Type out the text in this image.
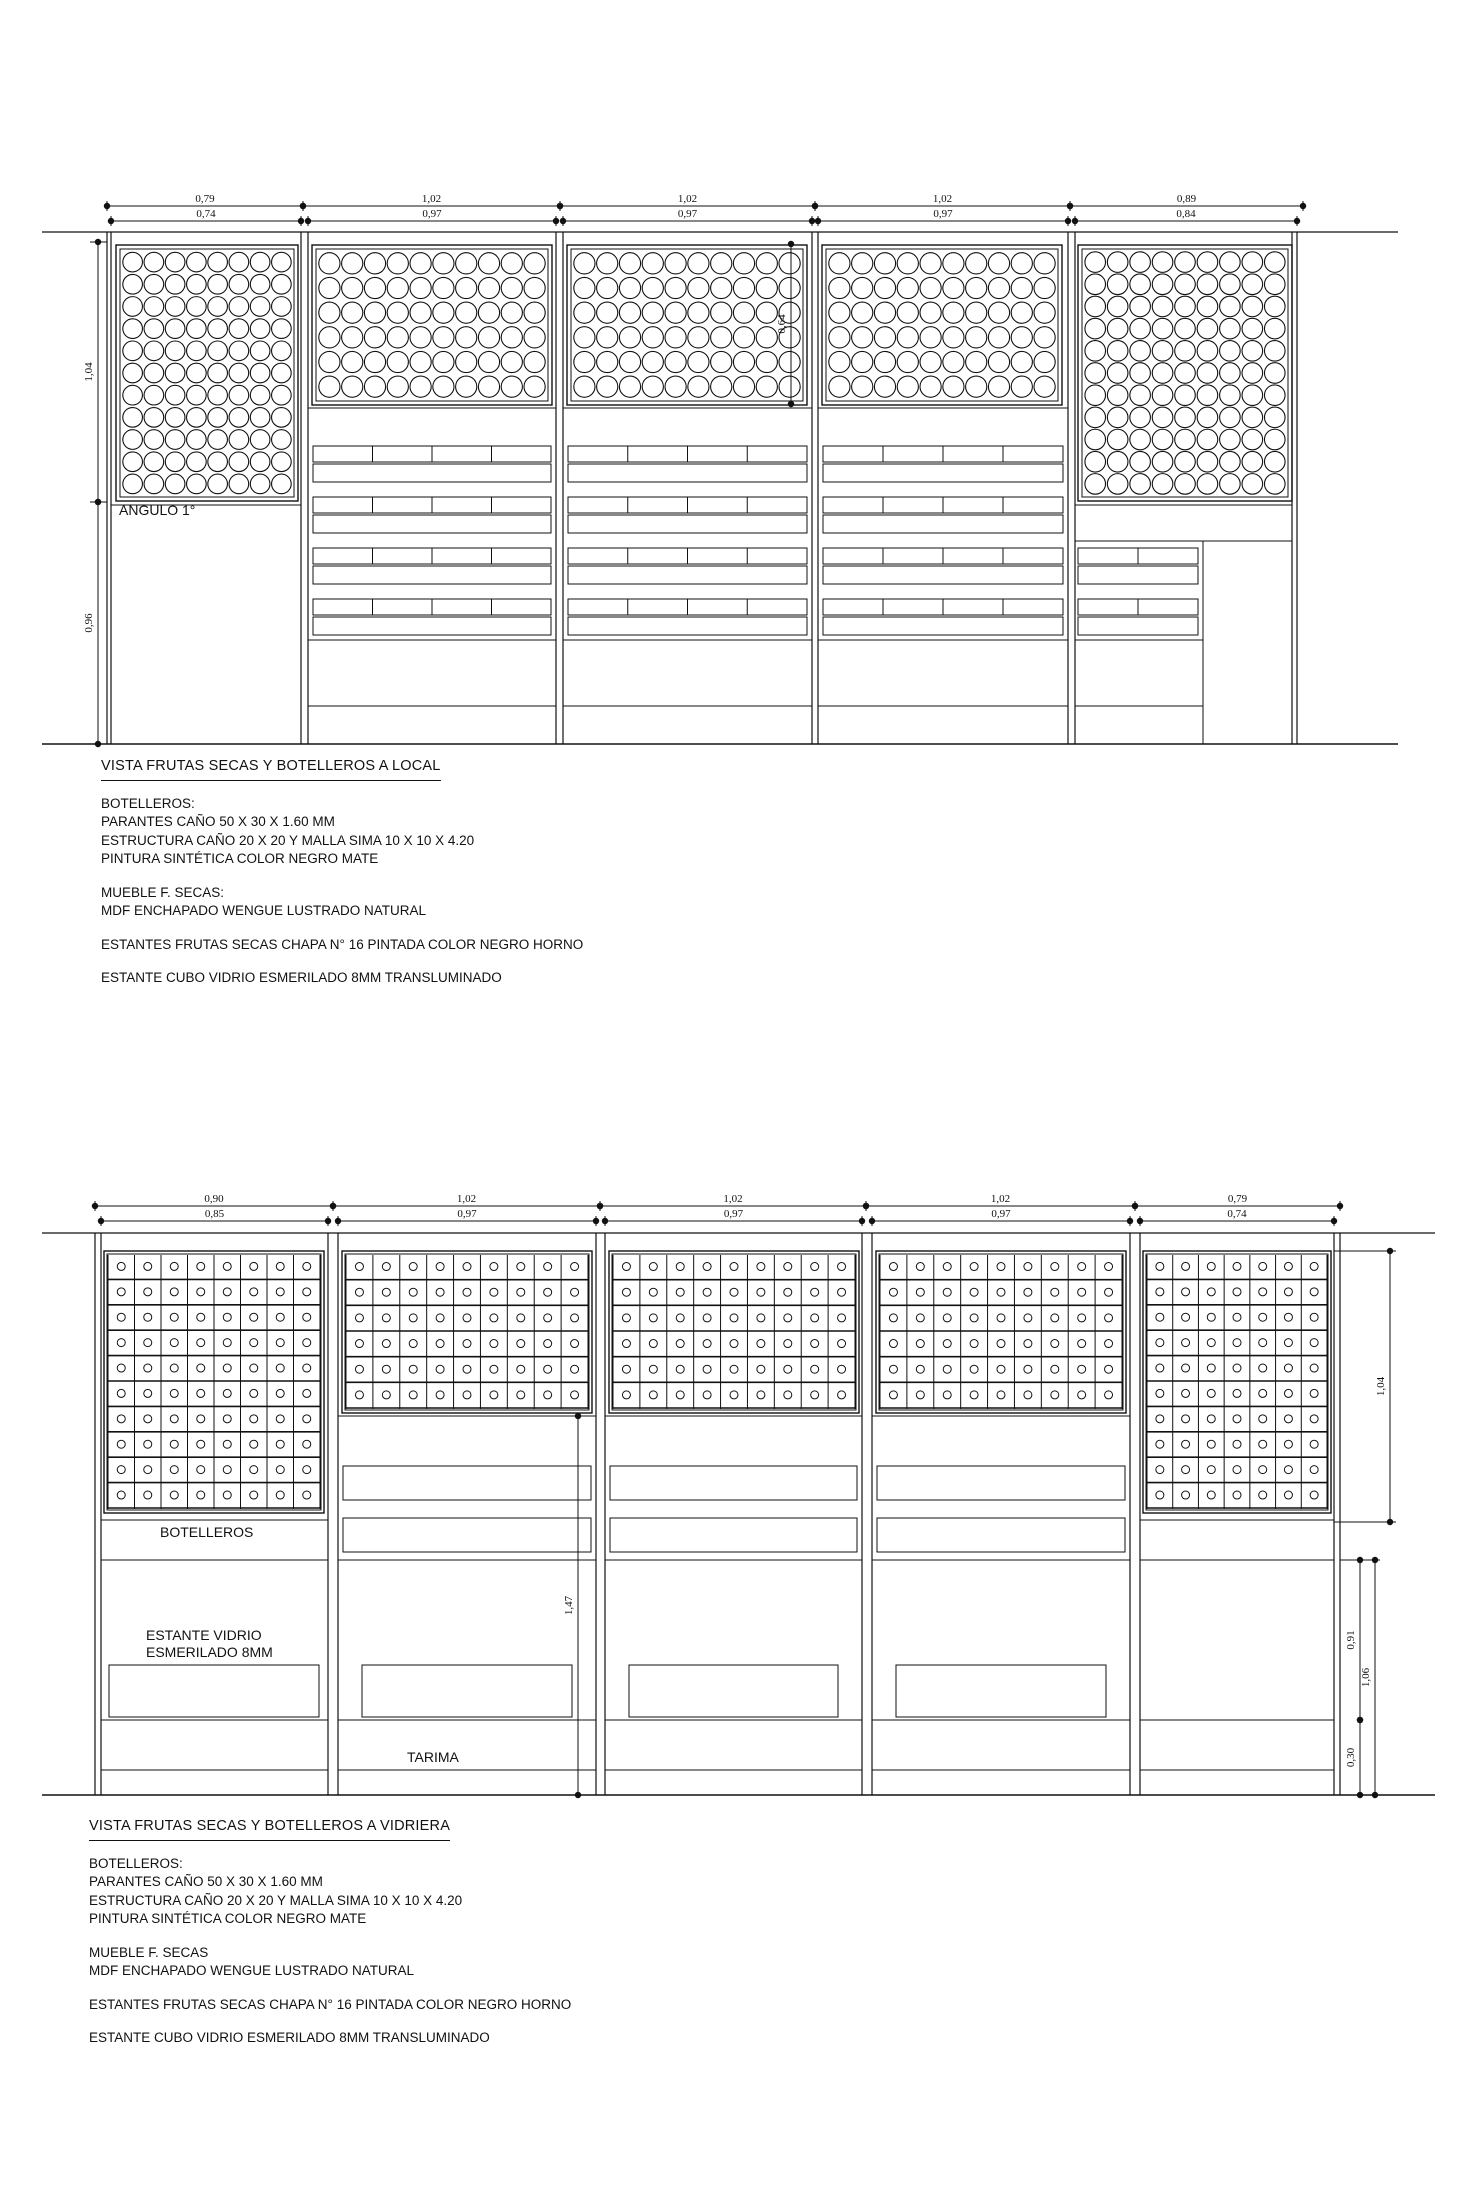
0,79	1,02	1,02	1,02	0,89
0,74	0,97	0,97	0,97	0,84
1,04
0,96
0,64
ANGULO 1°
0,90	1,02	1,02	1,02	0,79
0,85	0,97	0,97	0,97	0,74
1,04
1,06
0,30
0,91
1,47
BOTELLEROS
ESTANTE VIDRIO
ESMERILADO 8MM
TARIMA
VISTA FRUTAS SECAS Y BOTELLEROS A LOCAL

BOTELLEROS:

PARANTES CAÑO 50 X 30 X 1.60 MM

ESTRUCTURA CAÑO 20 X 20 Y MALLA SIMA 10 X 10 X 4.20

PINTURA SINTÉTICA COLOR NEGRO MATE

MUEBLE F. SECAS:

MDF ENCHAPADO WENGUE LUSTRADO NATURAL

ESTANTES FRUTAS SECAS CHAPA N° 16 PINTADA COLOR NEGRO HORNO

ESTANTE CUBO VIDRIO ESMERILADO 8MM TRANSLUMINADO

VISTA FRUTAS SECAS Y BOTELLEROS A VIDRIERA

BOTELLEROS:

PARANTES CAÑO 50 X 30 X 1.60 MM

ESTRUCTURA CAÑO 20 X 20 Y MALLA SIMA 10 X 10 X 4.20

PINTURA SINTÉTICA COLOR NEGRO MATE

MUEBLE F. SECAS

MDF ENCHAPADO WENGUE LUSTRADO NATURAL

ESTANTES FRUTAS SECAS CHAPA N° 16 PINTADA COLOR NEGRO HORNO

ESTANTE CUBO VIDRIO ESMERILADO 8MM TRANSLUMINADO
